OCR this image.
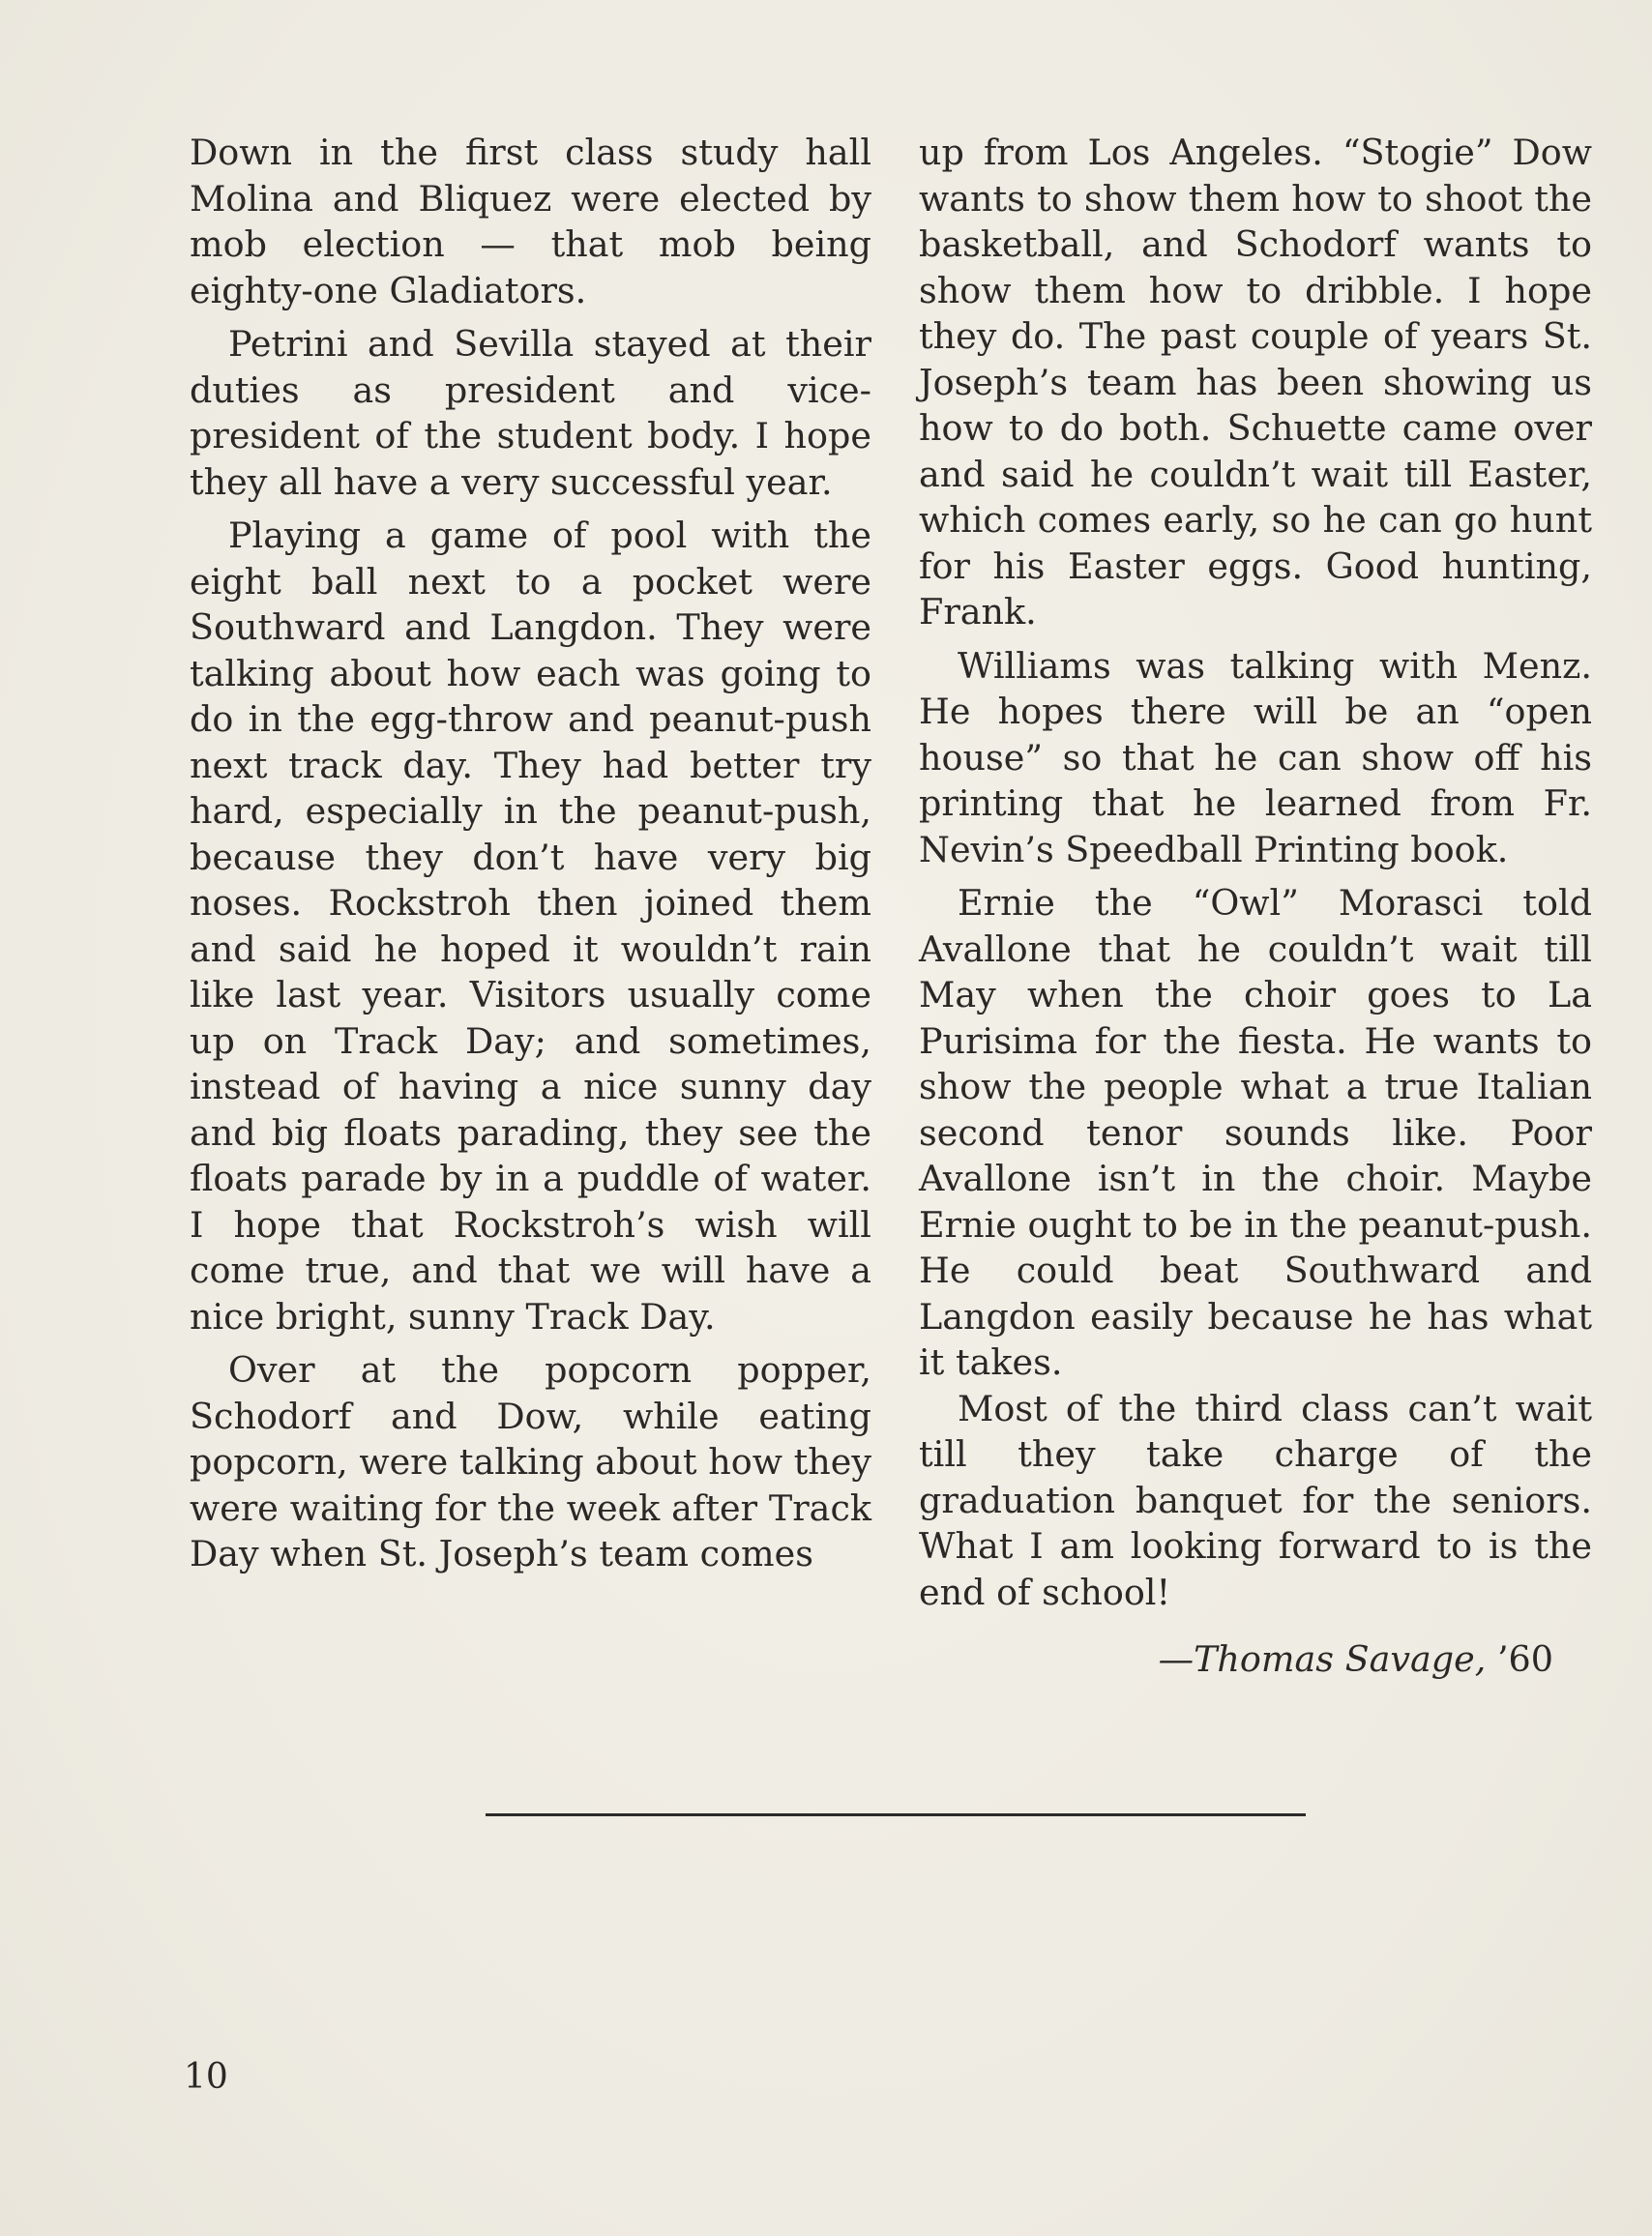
Down in the first class study hall Molina and Bliquez were elected by mob election — that mob being eighty-one Gladiators.

Petrini and Sevilla stayed at their duties as president and vice-president of the student body. I hope they all have a very successful year.

Playing a game of pool with the eight ball next to a pocket were Southward and Langdon. They were talking about how each was going to do in the egg-throw and peanut-push next track day. They had better try hard, especially in the peanut-push, because they don’t have very big noses. Rockstroh then joined them and said he hoped it wouldn’t rain like last year. Visitors usually come up on Track Day; and sometimes, instead of having a nice sunny day and big floats parading, they see the floats parade by in a puddle of water. I hope that Rockstroh’s wish will come true, and that we will have a nice bright, sunny Track Day.

Over at the popcorn popper, Schodorf and Dow, while eating popcorn, were talking about how they were waiting for the week after Track Day when St. Joseph’s team comes

up from Los Angeles. “Stogie” Dow wants to show them how to shoot the basketball, and Schodorf wants to show them how to dribble. I hope they do. The past couple of years St. Joseph’s team has been showing us how to do both. Schuette came over and said he couldn’t wait till Easter, which comes early, so he can go hunt for his Easter eggs. Good hunting, Frank.

Williams was talking with Menz. He hopes there will be an “open house” so that he can show off his printing that he learned from Fr. Nevin’s Speedball Printing book.

Ernie the “Owl” Morasci told Avallone that he couldn’t wait till May when the choir goes to La Purisima for the fiesta. He wants to show the people what a true Italian second tenor sounds like. Poor Avallone isn’t in the choir. Maybe Ernie ought to be in the peanut-push. He could beat Southward and Langdon easily because he has what it takes.

Most of the third class can’t wait till they take charge of the graduation banquet for the seniors. What I am looking forward to is the end of school!

—Thomas Savage, ’60
10
